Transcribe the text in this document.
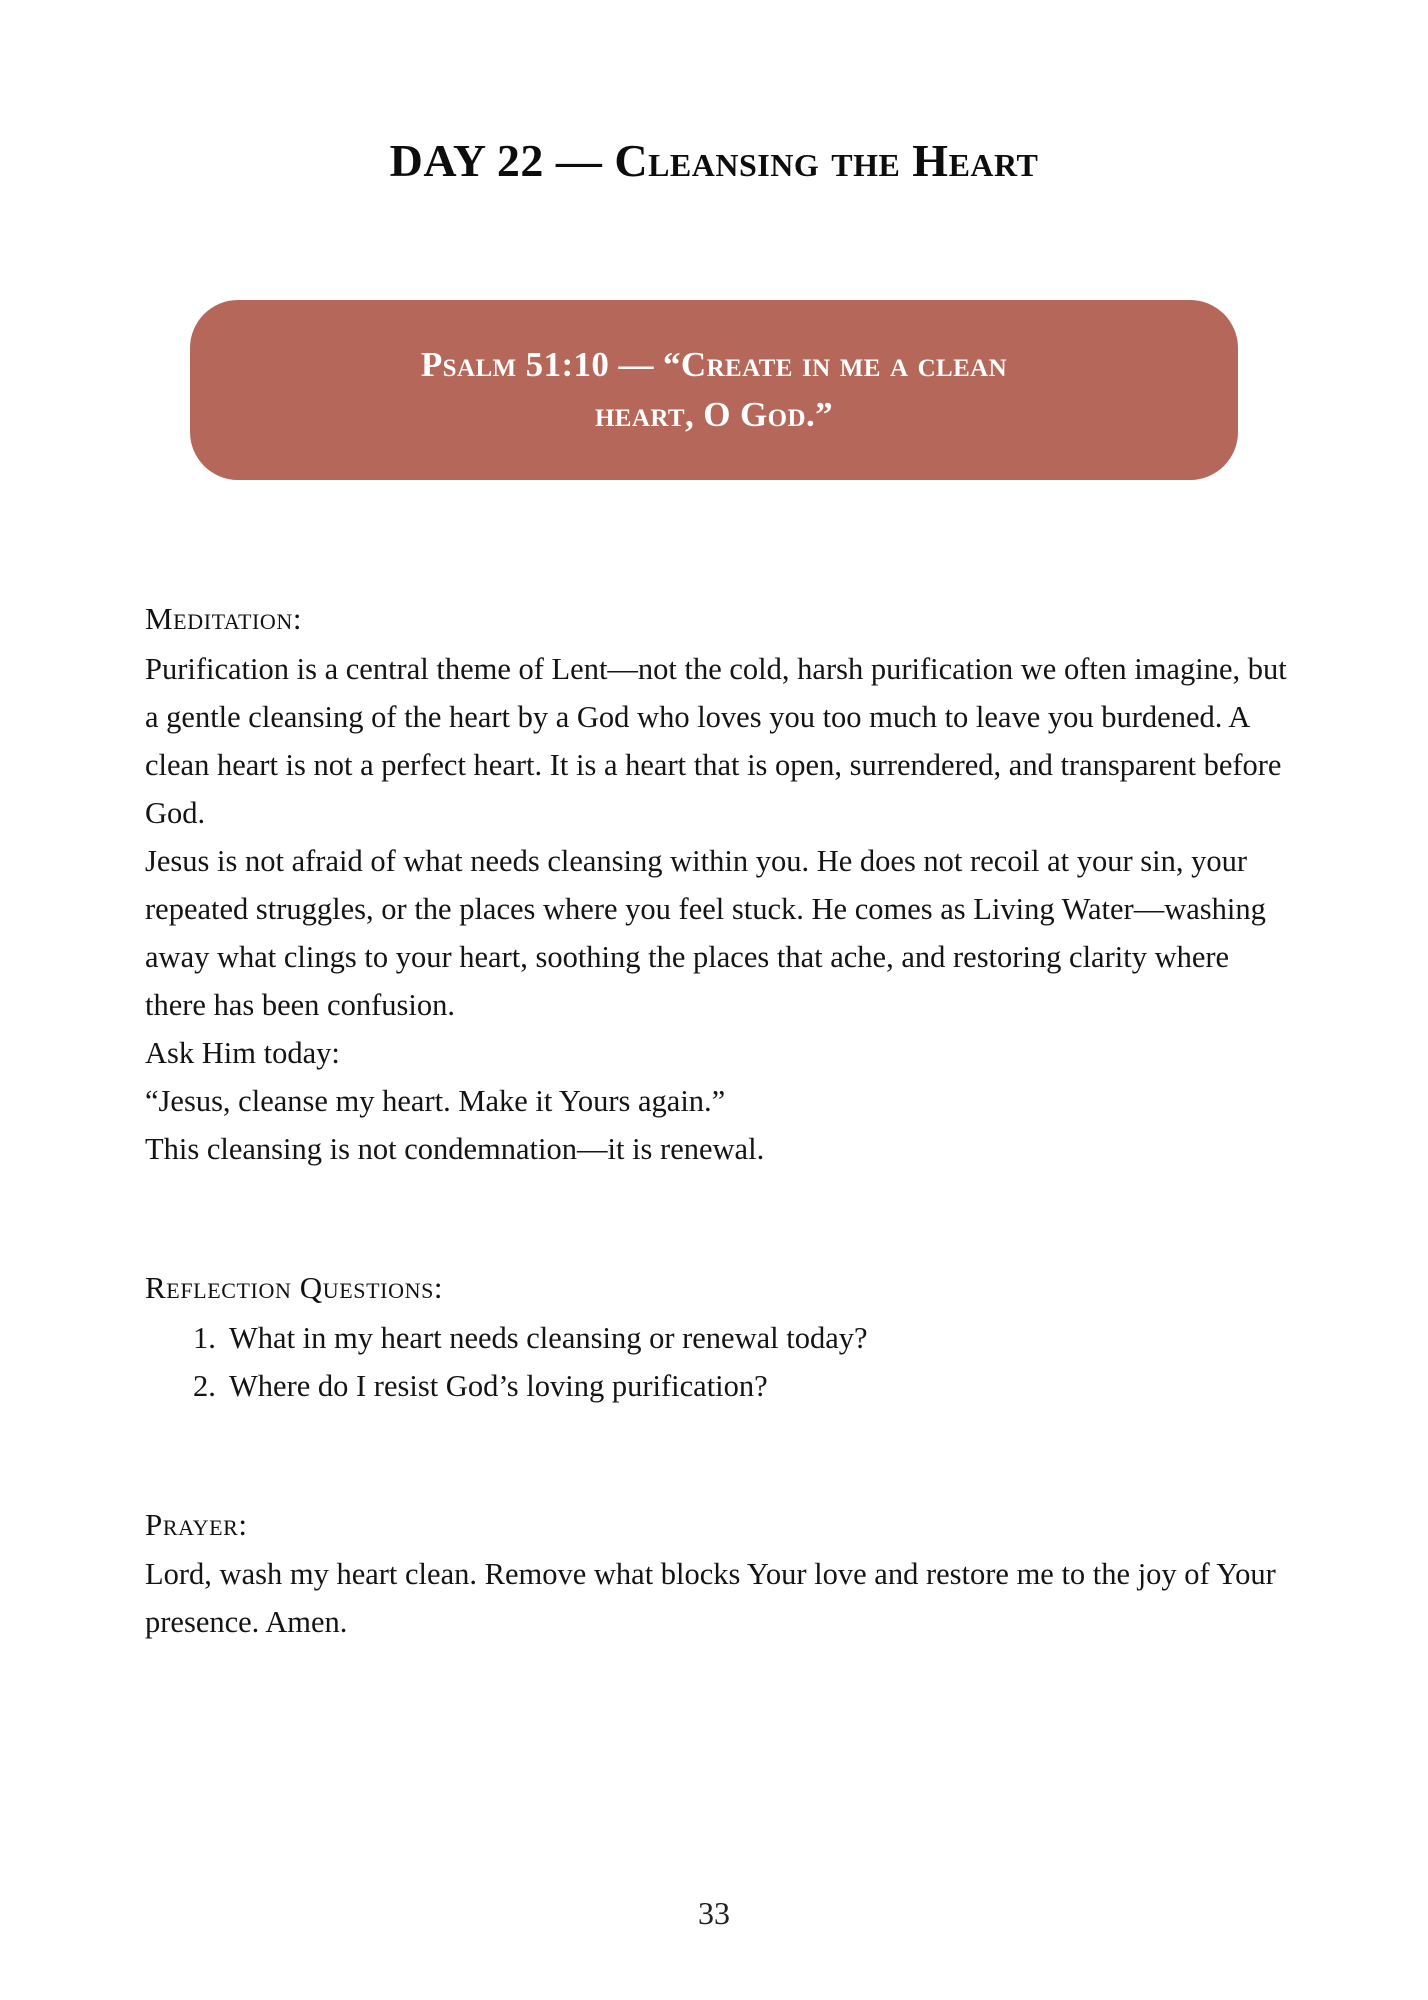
DAY 22 — Cleansing the Heart
Psalm 51:10 — “Create in me a clean
heart, O God.”
Meditation:

Purification is a central theme of Lent—not the cold, harsh purification we often imagine, but a gentle cleansing of the heart by a God who loves you too much to leave you burdened. A clean heart is not a perfect heart. It is a heart that is open, surrendered, and transparent before God.

Jesus is not afraid of what needs cleansing within you. He does not recoil at your sin, your repeated struggles, or the places where you feel stuck. He comes as Living Water—washing away what clings to your heart, soothing the places that ache, and restoring clarity where there has been confusion.

Ask Him today:

“Jesus, cleanse my heart. Make it Yours again.”

This cleansing is not condemnation—it is renewal.

Reflection Questions:
1. What in my heart needs cleansing or renewal today?
2. Where do I resist God’s loving purification?
Prayer:

Lord, wash my heart clean. Remove what blocks Your love and restore me to the joy of Your presence. Amen.

33
